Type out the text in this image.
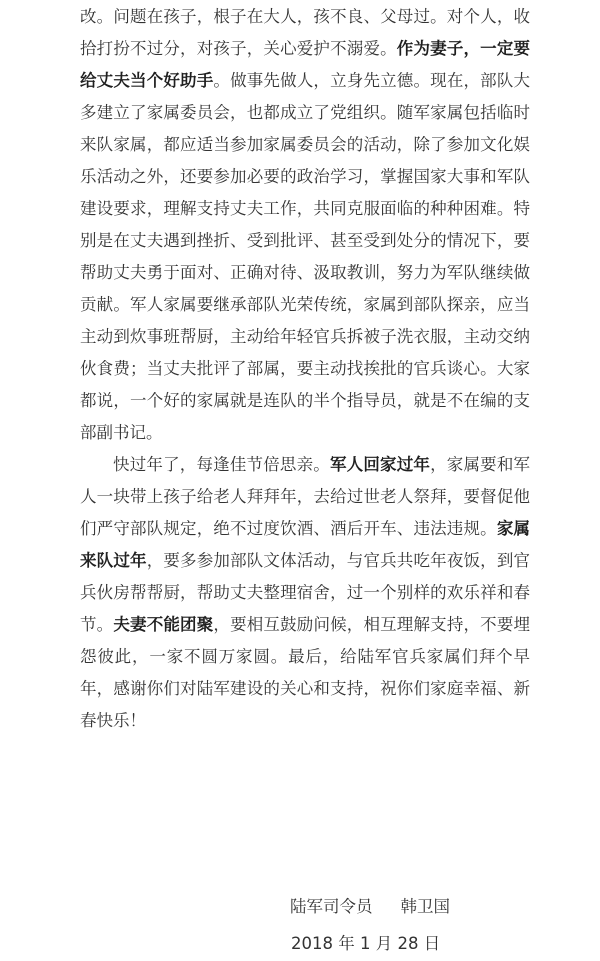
改。问题在孩子，根子在大人，孩不良、父母过。对个人，收拾打扮不过分，对孩子，关心爱护不溺爱。作为妻子，一定要给丈夫当个好助手。做事先做人，立身先立德。现在，部队大多建立了家属委员会，也都成立了党组织。随军家属包括临时来队家属，都应适当参加家属委员会的活动，除了参加文化娱乐活动之外，还要参加必要的政治学习，掌握国家大事和军队建设要求，理解支持丈夫工作，共同克服面临的种种困难。特别是在丈夫遇到挫折、受到批评、甚至受到处分的情况下，要帮助丈夫勇于面对、正确对待、汲取教训，努力为军队继续做贡献。军人家属要继承部队光荣传统，家属到部队探亲，应当主动到炊事班帮厨，主动给年轻官兵拆被子洗衣服，主动交纳伙食费；当丈夫批评了部属，要主动找挨批的官兵谈心。大家都说，一个好的家属就是连队的半个指导员，就是不在编的支部副书记。

快过年了，每逢佳节倍思亲。军人回家过年，家属要和军人一块带上孩子给老人拜拜年，去给过世老人祭拜，要督促他们严守部队规定，绝不过度饮酒、酒后开车、违法违规。家属来队过年，要多参加部队文体活动，与官兵共吃年夜饭，到官兵伙房帮帮厨，帮助丈夫整理宿舍，过一个别样的欢乐祥和春节。夫妻不能团聚，要相互鼓励问候，相互理解支持，不要埋怨彼此，一家不圆万家圆。最后，给陆军官兵家属们拜个早年，感谢你们对陆军建设的关心和支持，祝你们家庭幸福、新春快乐！

陆军司令员 韩卫国
2018 年 1 月 28 日
